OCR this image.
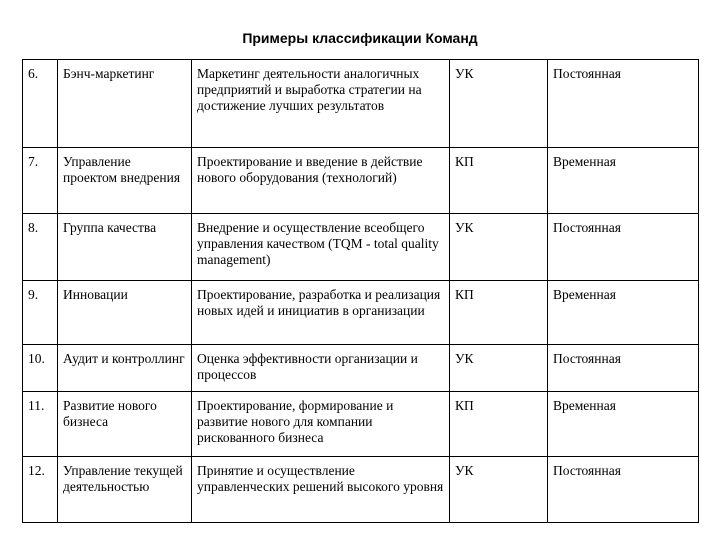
Примеры классификации Команд
6.	Бэнч-маркетинг	Маркетинг деятельности аналогичных предприятий и выработка стратегии на достижение лучших результатов	УК	Постоянная
7.	Управление проектом внедрения	Проектирование и введение в действие нового оборудования (технологий)	КП	Временная
8.	Группа качества	Внедрение и осуществление всеобщего управления качеством (TQM - total quality management)	УК	Постоянная
9.	Инновации	Проектирование, разработка и реализация новых идей и инициатив в организации	КП	Временная
10.	Аудит и контроллинг	Оценка эффективности организации и процессов	УК	Постоянная
11.	Развитие нового бизнеса	Проектирование, формирование и развитие нового для компании рискованного бизнеса	КП	Временная
12.	Управление текущей деятельностью	Принятие и осуществление управленческих решений высокого уровня	УК	Постоянная
